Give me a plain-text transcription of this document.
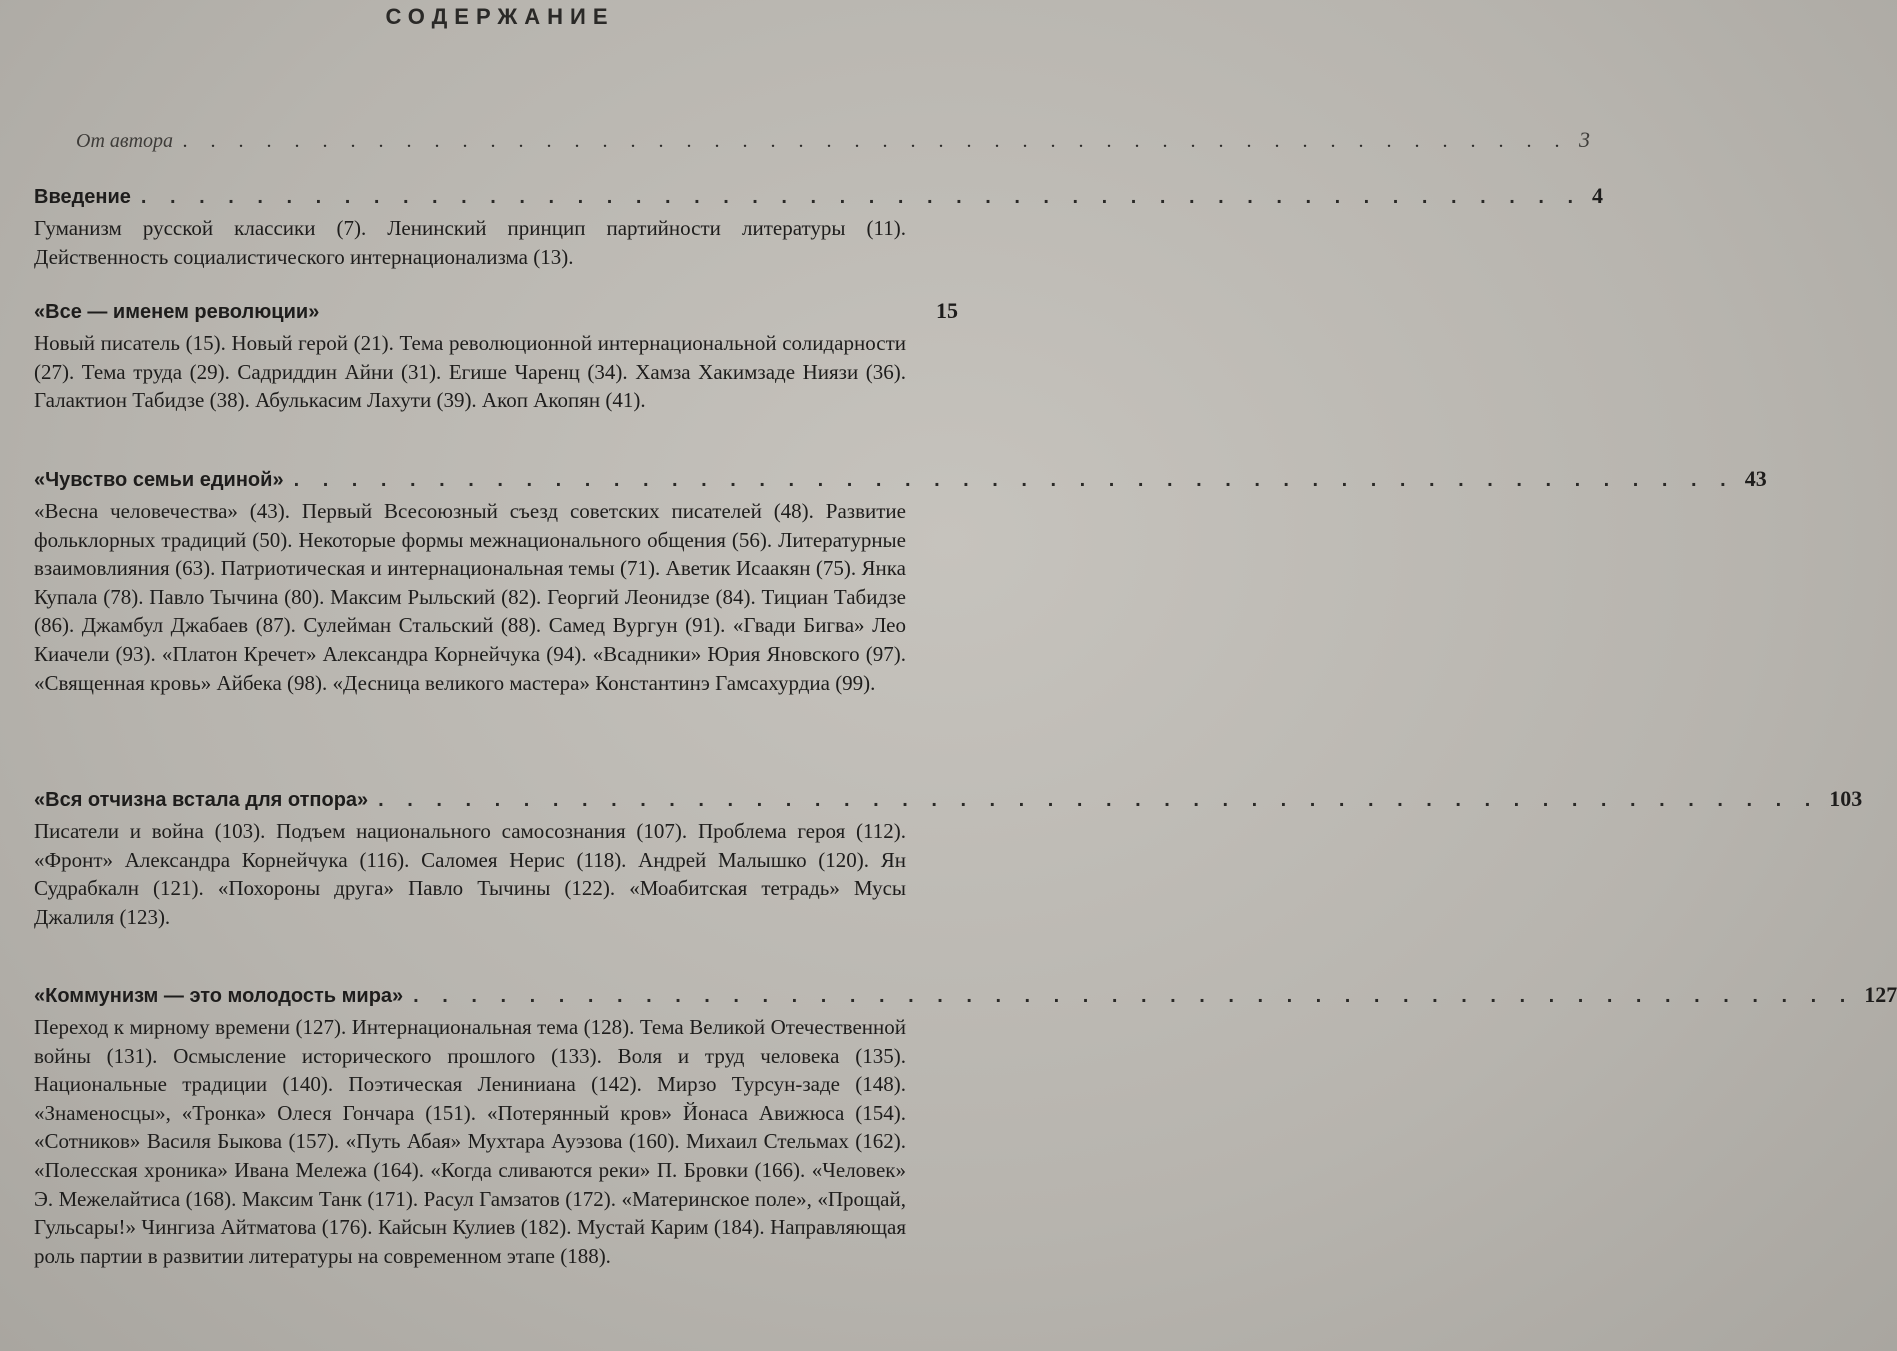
СОДЕРЖАНИЕ
От автора . . . . . . . . . . . . . . . . . . . . . . . . . . . . . . . . . . . . . . . . . . . . . . . . . . 3
Введение . . . . . . . . . . . . . . . . . . . . . . . . . . . . . . . . . . . . . . . . . . . . . . . . . . 4
Гуманизм русской классики (7). Ленинский принцип партийности литературы (11). Действенность социалистического интернационализма (13).
«Все — именем революции»	15
Новый писатель (15). Новый герой (21). Тема революционной интернациональной солидарности (27). Тема труда (29). Садриддин Айни (31). Егише Чаренц (34). Хамза Хакимзаде Ниязи (36). Галактион Табидзе (38). Абулькасим Лахути (39). Акоп Акопян (41).
«Чувство семьи единой» . . . . . . . . . . . . . . . . . . . . . . . . . . . . . . . . . . . . . . . . . . . . . . . . . . 43
«Весна человечества» (43). Первый Всесоюзный съезд советских писателей (48). Развитие фольклорных традиций (50). Некоторые формы межнационального общения (56). Литературные взаимовлияния (63). Патриотическая и интернациональная темы (71). Аветик Исаакян (75). Янка Купала (78). Павло Тычина (80). Максим Рыльский (82). Георгий Леонидзе (84). Тициан Табидзе (86). Джамбул Джабаев (87). Сулейман Стальский (88). Самед Вургун (91). «Гвади Бигва» Лео Киачели (93). «Платон Кречет» Александра Корнейчука (94). «Всадники» Юрия Яновского (97). «Священная кровь» Айбека (98). «Десница великого мастера» Константинэ Гамсахурдиа (99).
«Вся отчизна встала для отпора» . . . . . . . . . . . . . . . . . . . . . . . . . . . . . . . . . . . . . . . . . . . . . . . . . . 103
Писатели и война (103). Подъем национального самосознания (107). Проблема героя (112). «Фронт» Александра Корнейчука (116). Саломея Нерис (118). Андрей Малышко (120). Ян Судрабкалн (121). «Похороны друга» Павло Тычины (122). «Моабитская тетрадь» Мусы Джалиля (123).
«Коммунизм — это молодость мира» . . . . . . . . . . . . . . . . . . . . . . . . . . . . . . . . . . . . . . . . . . . . . . . . . . 127
Переход к мирному времени (127). Интернациональная тема (128). Тема Великой Отечественной войны (131). Осмысление исторического прошлого (133). Воля и труд человека (135). Национальные традиции (140). Поэтическая Лениниана (142). Мирзо Турсун-заде (148). «Знаменосцы», «Тронка» Олеся Гончара (151). «Потерянный кров» Йонаса Авижюса (154). «Сотников» Василя Быкова (157). «Путь Абая» Мухтара Ауэзова (160). Михаил Стельмах (162). «Полесская хроника» Ивана Мележа (164). «Когда сливаются реки» П. Бровки (166). «Человек» Э. Межелайтиса (168). Максим Танк (171). Расул Гамзатов (172). «Материнское поле», «Прощай, Гульсары!» Чингиза Айтматова (176). Кайсын Кулиев (182). Мустай Карим (184). Направляющая роль партии в развитии литературы на современном этапе (188).
